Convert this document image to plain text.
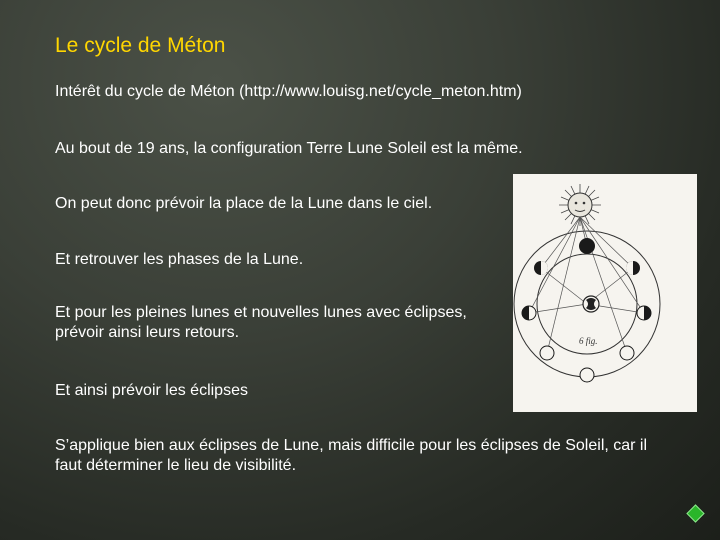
Le cycle de Méton

Intérêt du cycle de Méton (http://www.louisg.net/cycle_meton.htm)

Au bout de 19 ans, la configuration Terre Lune Soleil est la même.

On peut donc prévoir la place de la Lune dans le ciel.

Et retrouver les phases de la Lune.

Et pour les pleines lunes et nouvelles lunes avec éclipses, prévoir ainsi leurs retours.

Et ainsi prévoir les éclipses

S’applique bien aux éclipses de Lune, mais difficile pour les éclipses de Soleil, car il faut déterminer le lieu de visibilité.

6 fig.
